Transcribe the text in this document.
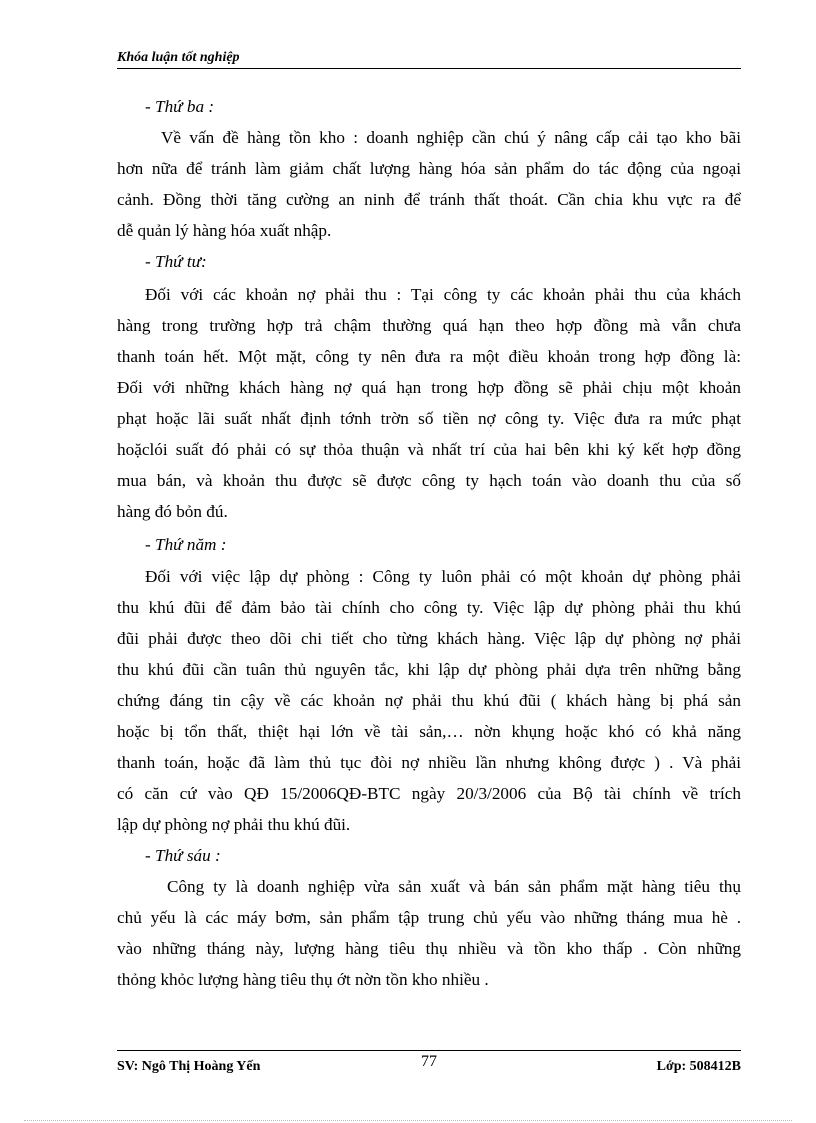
Khóa luận tốt nghiệp
- Thứ ba :
Về vấn đề hàng tồn kho : doanh nghiệp cần chú ý nâng cấp cải tạo kho bãi
hơn nữa để tránh làm giảm chất lượng hàng hóa sản phẩm do tác động của ngoại
cảnh. Đồng thời tăng cường an ninh để tránh thất thoát. Cần chia khu vực ra để
dễ quản lý hàng hóa xuất nhập.
- Thứ tư:
Đối với các khoản nợ phải thu : Tại công ty các khoản phải thu của khách
hàng trong trường hợp trả chậm thường quá hạn theo hợp đồng mà vẫn chưa
thanh toán hết. Một mặt, công ty nên đưa ra một điều khoản trong hợp đồng là:
Đối với những khách hàng nợ quá hạn trong hợp đồng sẽ phải chịu một khoản
phạt hoặc lãi suất nhất định tớnh trờn số tiền nợ công ty. Việc đưa ra mức phạt
hoặclói suất đó phải có sự thỏa thuận và nhất trí của hai bên khi ký kết hợp đồng
mua bán, và khoản thu được sẽ được công ty hạch toán vào doanh thu của số
hàng đó bỏn đú.
- Thứ năm :
Đối với việc lập dự phòng : Công ty luôn phải có một khoản dự phòng phải
thu khú đũi để đảm bảo tài chính cho công ty. Việc lập dự phòng phải thu khú
đũi phải được theo dõi chi tiết cho từng khách hàng. Việc lập dự phòng nợ phải
thu khú đũi cần tuân thủ nguyên tắc, khi lập dự phòng phải dựa trên những bằng
chứng đáng tin cậy về các khoản nợ phải thu khú đũi ( khách hàng bị phá sản
hoặc bị tổn thất, thiệt hại lớn về tài sản,… nờn khụng hoặc khó có khả năng
thanh toán, hoặc đã làm thủ tục đòi nợ nhiều lần nhưng không được ) . Và phải
có căn cứ vào QĐ 15/2006QĐ-BTC ngày 20/3/2006 của Bộ tài chính về trích
lập dự phòng nợ phải thu khú đũi.
- Thứ sáu :
Công ty là doanh nghiệp vừa sản xuất và bán sản phẩm mặt hàng tiêu thụ
chủ yếu là các máy bơm, sản phẩm tập trung chủ yếu vào những tháng mua hè .
vào những tháng này, lượng hàng tiêu thụ nhiều và tồn kho thấp . Còn những
thỏng khỏc lượng hàng tiêu thụ ớt nờn tồn kho nhiều .
SV: Ngô Thị Hoàng Yến	77	Lớp: 508412B
